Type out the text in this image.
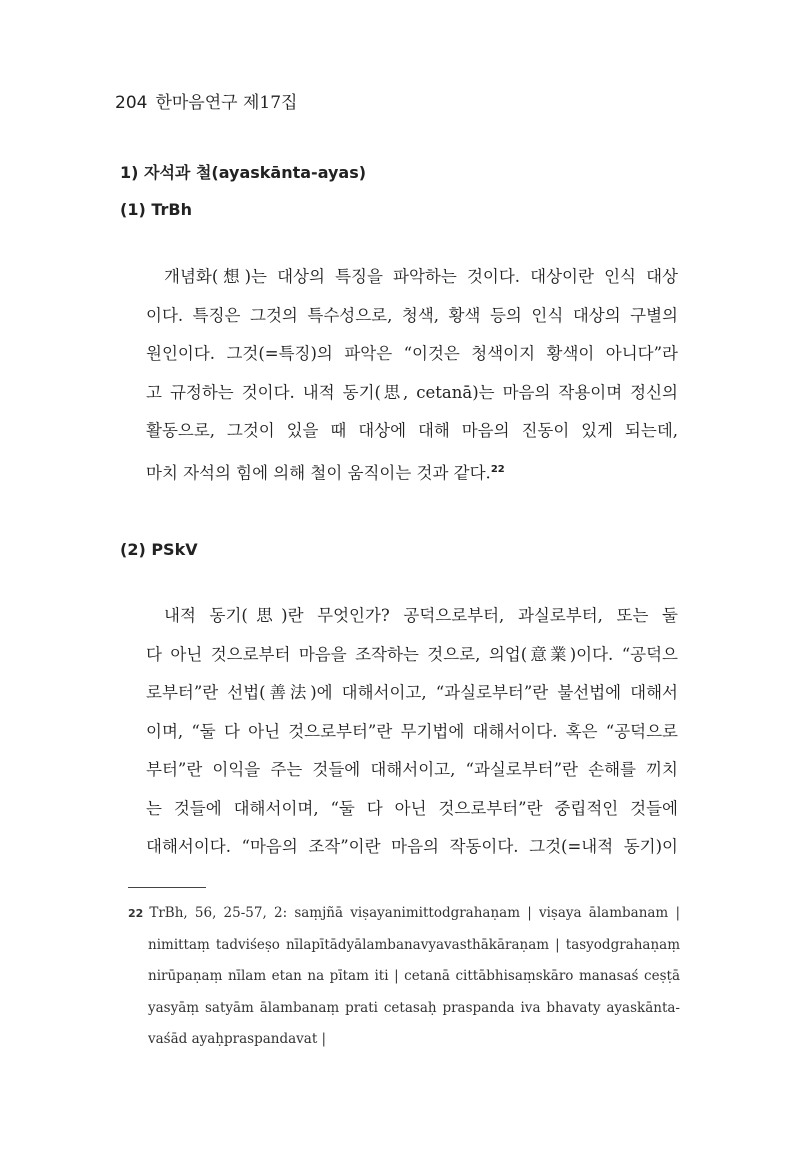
204 한마음연구 제17집
1) 자석과 철(ayaskānta-ayas)
(1) TrBh
개념화(想)는 대상의 특징을 파악하는 것이다. 대상이란 인식 대상
이다. 특징은 그것의 특수성으로, 청색, 황색 등의 인식 대상의 구별의
원인이다. 그것(=특징)의 파악은 “이것은 청색이지 황색이 아니다”라
고 규정하는 것이다. 내적 동기(思, cetanā)는 마음의 작용이며 정신의
활동으로, 그것이 있을 때 대상에 대해 마음의 진동이 있게 되는데,
마치 자석의 힘에 의해 철이 움직이는 것과 같다.$^{22}$
(2) PSkV
내적 동기(思)란 무엇인가? 공덕으로부터, 과실로부터, 또는 둘
다 아닌 것으로부터 마음을 조작하는 것으로, 의업(意業)이다. “공덕으
로부터”란 선법(善法)에 대해서이고, “과실로부터”란 불선법에 대해서
이며, “둘 다 아닌 것으로부터”란 무기법에 대해서이다. 혹은 “공덕으로
부터”란 이익을 주는 것들에 대해서이고, “과실로부터”란 손해를 끼치
는 것들에 대해서이며, “둘 다 아닌 것으로부터”란 중립적인 것들에
대해서이다. “마음의 조작”이란 마음의 작동이다. 그것(=내적 동기)이
22 TrBh, 56, 25-57, 2: saṃjñā viṣayanimittodgrahaṇam | viṣaya ālambanam |
nimittaṃ tadviśeṣo nīlapītādyālambanavyavasthākāraṇam | tasyodgrahaṇaṃ
nirūpaṇaṃ nīlam etan na pītam iti | cetanā cittābhisaṃskāro manasaś ceṣṭā
yasyāṃ satyām ālambanaṃ prati cetasaḥ praspanda iva bhavaty ayaskānta-
vaśād ayaḥpraspandavat |
